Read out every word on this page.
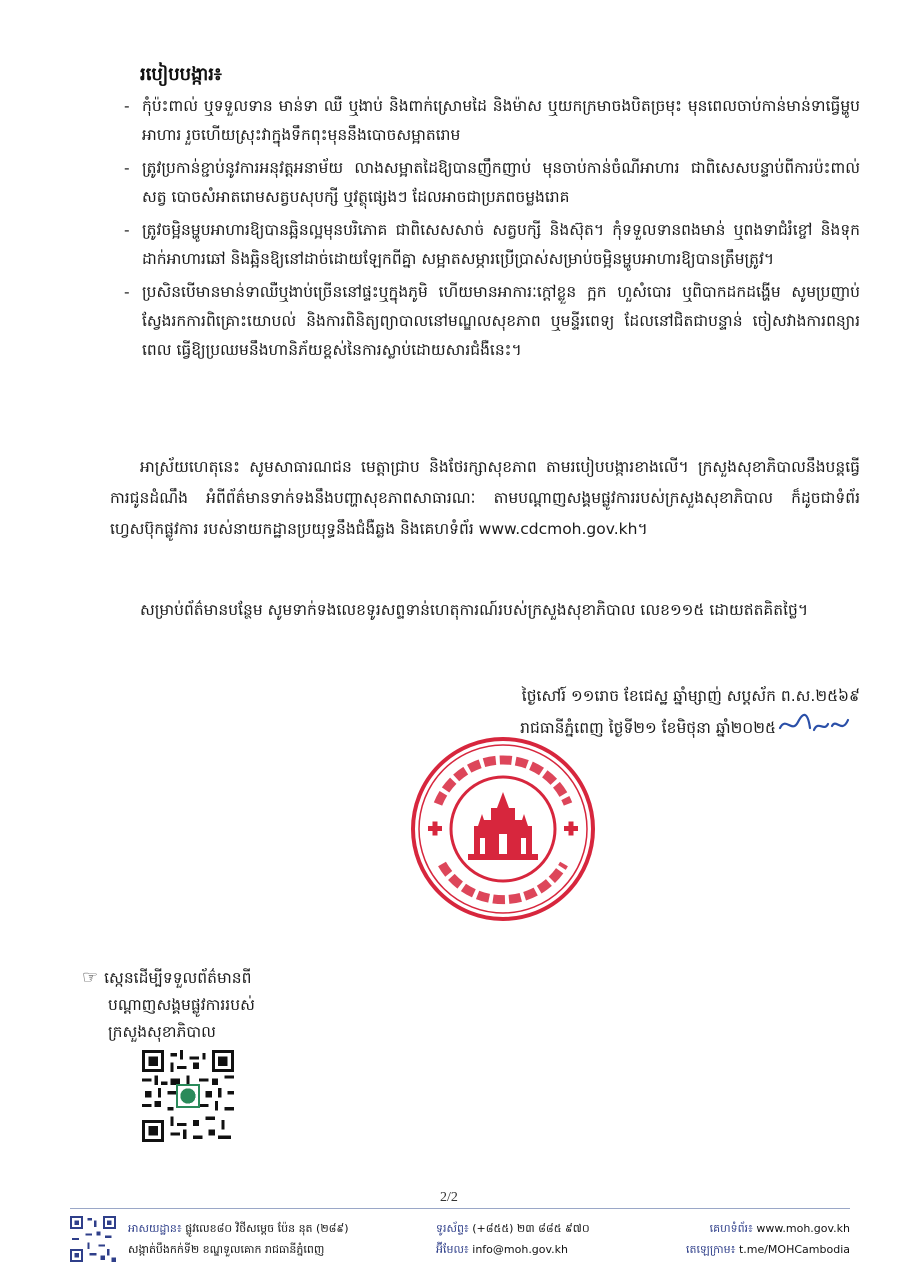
របៀបបង្ការ៖
- កុំប៉ះពាល់ ឬទទួលទាន មាន់ទា ឈឺ ឬងាប់ និងពាក់ស្រោមដៃ និងម៉ាស ឬយកក្រមាចងបិតច្រមុះ មុនពេលចាប់កាន់មាន់ទាធ្វើម្ហូបអាហារ រួចហើយស្រុះវាក្នុងទឹកពុះមុននឹងបោចសម្អាតរោម
- ត្រូវប្រកាន់ខ្ជាប់នូវការអនុវត្តអនាម័យ លាងសម្អាតដៃឱ្យបានញឹកញាប់ មុនចាប់កាន់ចំណីអាហារ ជាពិសេសបន្ទាប់ពីការប៉ះពាល់សត្វ បោចសំអាតរោមសត្វបសុបក្សី ឬវត្ថុផ្សេងៗ ដែលអាចជាប្រភពចម្លងរោគ
- ត្រូវចម្អិនម្ហូបអាហារឱ្យបានឆ្អិនល្អមុនបរិភោគ ជាពិសេសសាច់ សត្វបក្សី និងស៊ុត។ កុំទទួលទានពងមាន់ ឬពងទាជំរំខ្ចៅ និងទុកដាក់អាហារឆៅ និងឆ្អិនឱ្យនៅដាច់ដោយឡែកពីគ្នា សម្អាតសម្ភារប្រើប្រាស់សម្រាប់ចម្អិនម្ហូបអាហារឱ្យបានត្រឹមត្រូវ។
- ប្រសិនបើមានមាន់ទាឈឺឬងាប់ច្រើននៅផ្ទះឬក្នុងភូមិ ហើយមានអាការៈក្តៅខ្លួន ក្អក ហួសំបោរ ឬពិបាកដកដង្ហើម សូមប្រញាប់ស្វែងរកការពិគ្រោះយោបល់ និងការពិនិត្យព្យាបាលនៅមណ្ឌលសុខភាព ឬមន្ទីរពេទ្យ ដែលនៅជិតជាបន្ទាន់ ចៀសវាងការពន្យារពេល ធ្វើឱ្យប្រឈមនឹងហានិភ័យខ្ពស់នៃការស្លាប់ដោយសារជំងឺនេះ។
អាស្រ័យហេតុនេះ សូមសាធារណជន មេត្តាជ្រាប និងថែរក្សាសុខភាព តាមរបៀបបង្ការខាងលើ។ ក្រសួងសុខាភិបាលនឹងបន្តធ្វើការជូនដំណឹង អំពីព័ត៌មានទាក់ទងនឹងបញ្ហាសុខភាពសាធារណៈ តាមបណ្តាញសង្គមផ្លូវការរបស់ក្រសួងសុខាភិបាល ក៏ដូចជាទំព័រហ្វេសប៊ុកផ្លូវការ របស់នាយកដ្ឋានប្រយុទ្ធនឹងជំងឺឆ្លង និងគេហទំព័រ www.cdcmoh.gov.kh។
សម្រាប់ព័ត៌មានបន្ថែម សូមទាក់ទងលេខទូរសព្ទទាន់ហេតុការណ៍របស់ក្រសួងសុខាភិបាល លេខ១១៥ ដោយឥតគិតថ្លៃ។
ថ្ងៃសៅរ៍ ១១រោច ខែជេស្ឋ ឆ្នាំម្សាញ់ សប្តស័ក ព.ស.២៥៦៩
រាជធានីភ្នំពេញ ថ្ងៃទី២១ ខែមិថុនា ឆ្នាំ២០២៥
☞ ស្កេនដើម្បីទទួលព័ត៌មានពី
បណ្តាញសង្គមផ្លូវការរបស់
ក្រសួងសុខាភិបាល
2/2
អាសយដ្ឋាន៖ ផ្លូវលេខ៨០ វិថីសម្តេច ប៉ែន នុត (២៨៩)
សង្កាត់បឹងកក់ទី២ ខណ្ឌទួលគោក រាជធានីភ្នំពេញ
ទូរស័ព្ទ៖ (+៨៥៥) ២៣ ៨៨៥ ៩៧០
អ៊ីមែល៖ info@moh.gov.kh
គេហទំព័រ៖ www.moh.gov.kh
តេឡេក្រាម៖ t.me/MOHCambodia
